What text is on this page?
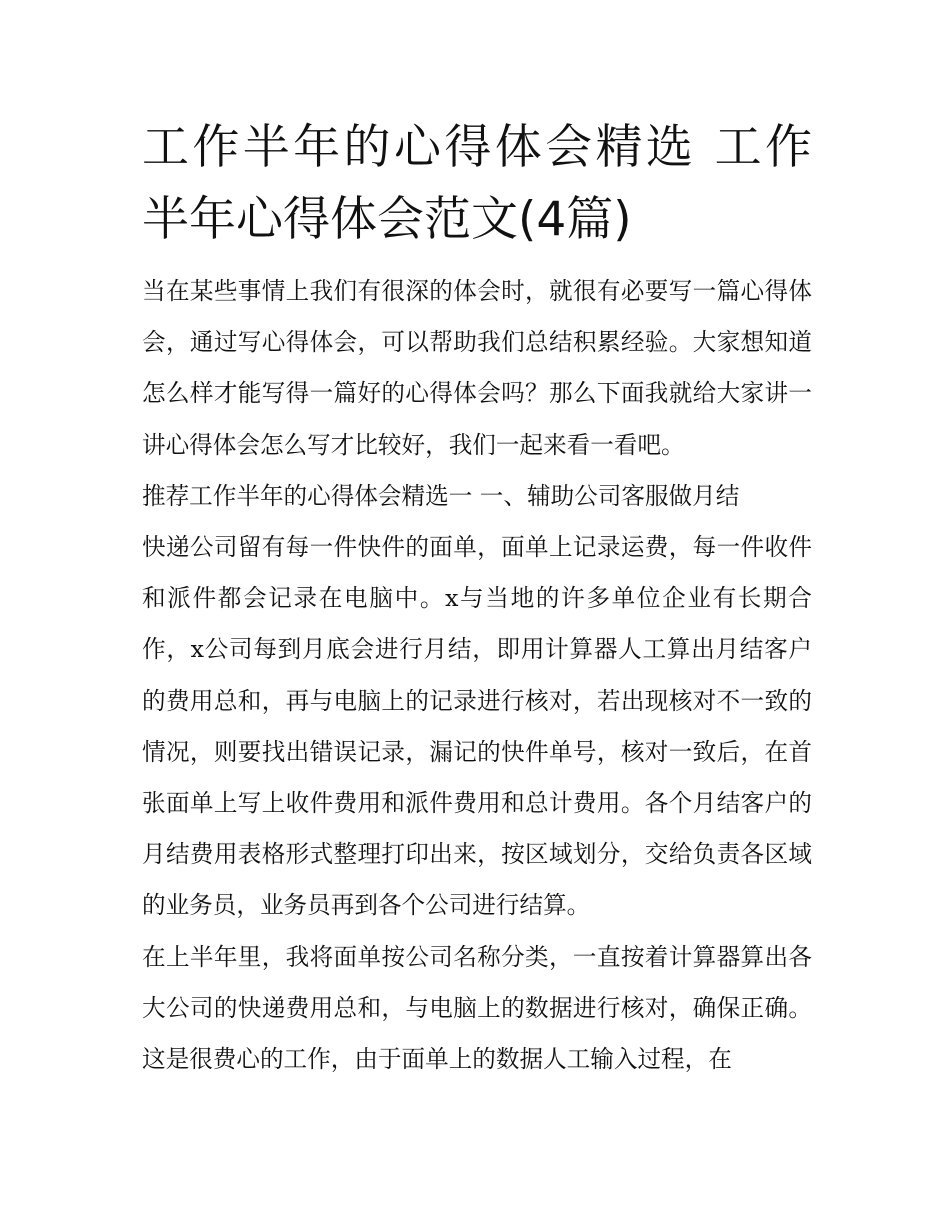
工作半年的心得体会精选 工作半年心得体会范文(4篇)

当在某些事情上我们有很深的体会时，就很有必要写一篇心得体会，通过写心得体会，可以帮助我们总结积累经验。大家想知道怎么样才能写得一篇好的心得体会吗？那么下面我就给大家讲一讲心得体会怎么写才比较好，我们一起来看一看吧。

推荐工作半年的心得体会精选一 一、辅助公司客服做月结

快递公司留有每一件快件的面单，面单上记录运费，每一件收件和派件都会记录在电脑中。x与当地的许多单位企业有长期合作，x公司每到月底会进行月结，即用计算器人工算出月结客户的费用总和，再与电脑上的记录进行核对，若出现核对不一致的情况，则要找出错误记录，漏记的快件单号，核对一致后，在首张面单上写上收件费用和派件费用和总计费用。各个月结客户的月结费用表格形式整理打印出来，按区域划分，交给负责各区域的业务员，业务员再到各个公司进行结算。

在上半年里，我将面单按公司名称分类，一直按着计算器算出各大公司的快递费用总和，与电脑上的数据进行核对，确保正确。这是很费心的工作，由于面单上的数据人工输入过程，在
